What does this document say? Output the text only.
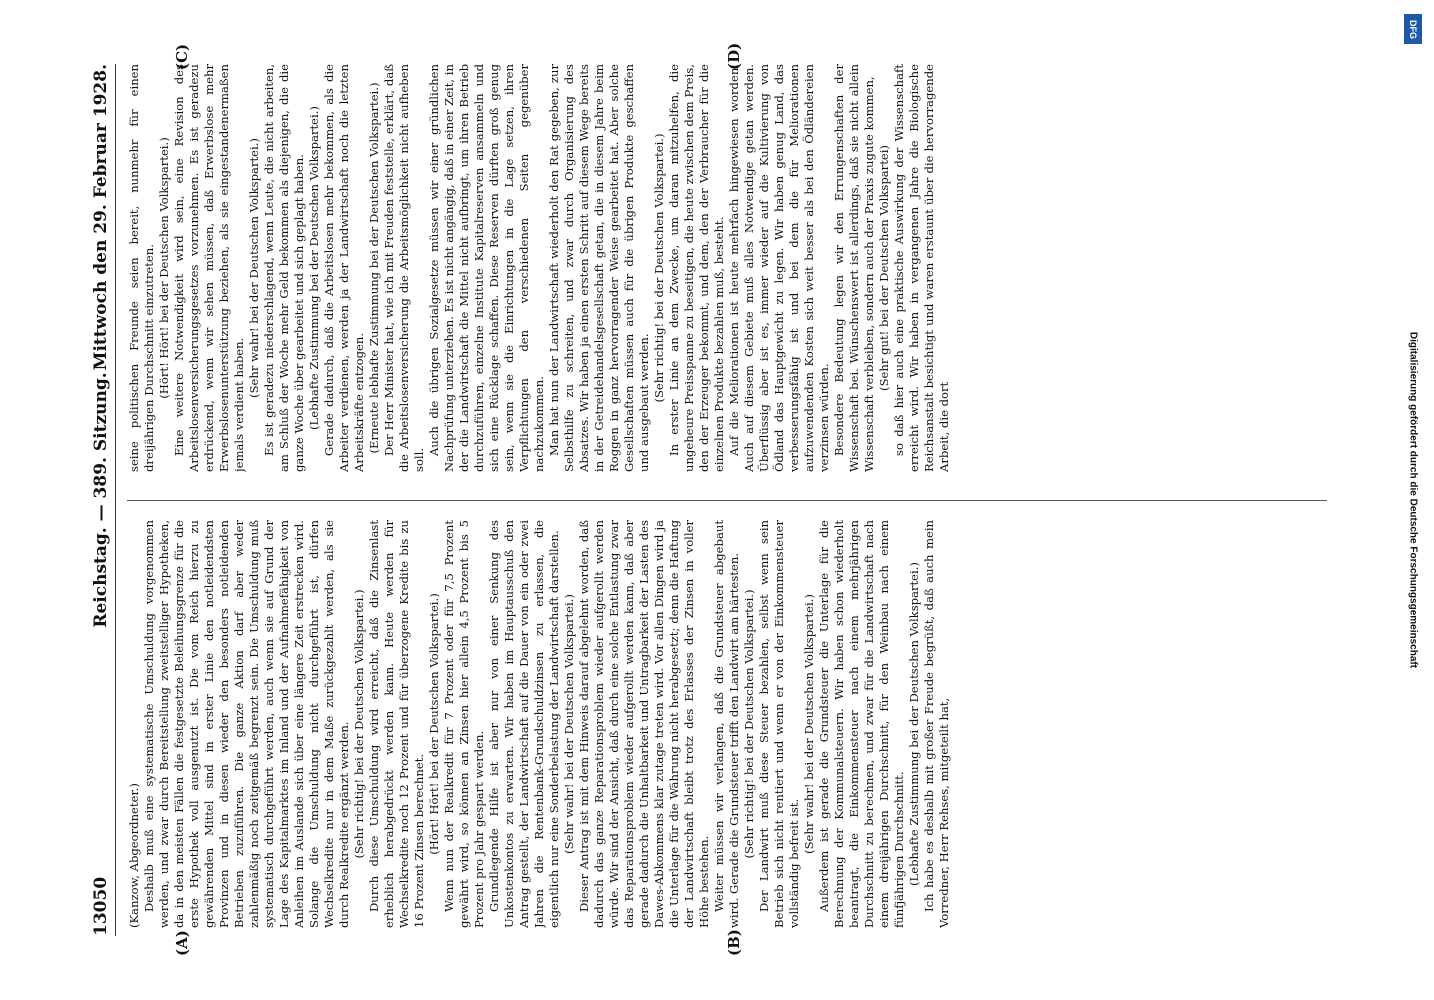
13050
Reichstag. — 389. Sitzung.
Mittwoch den 29. Februar 1928.
(A)	(B)
(C)	(D)

(Kanzow, Abgeordneter.) Deshalb muß eine systematische Umschuldung vorgenommen werden, und zwar durch Bereitstellung zweitstelliger Hypotheken, da in den meisten Fällen die festgesetzte Beleihungsgrenze für die erste Hypothek voll ausgenutzt ist. Die vom Reich hierzu zu gewährenden Mittel sind in erster Linie den notleidendsten Provinzen und in diesen wieder den besonders notleidenden Betrieben zuzuführen. Die ganze Aktion darf aber weder zahlenmäßig noch zeitgemäß begrenzt sein. Die Umschuldung muß systematisch durchgeführt werden, auch wenn sie auf Grund der Lage des Kapitalmarktes im Inland und der Aufnahmefähigkeit von Anleihen im Auslande sich über eine längere Zeit erstrecken wird. Solange die Umschuldung nicht durchgeführt ist, dürfen Wechselkredite nur in dem Maße zurückgezahlt werden, als sie durch Realkredite ergänzt werden. (Sehr richtig! bei der Deutschen Volkspartei.) Durch diese Umschuldung wird erreicht, daß die Zinsenlast erheblich herabgedrückt werden kann. Heute werden für Wechselkredite noch 12 Prozent und für überzogene Kredite bis zu 16 Prozent Zinsen berechnet. (Hört! Hört! bei der Deutschen Volkspartei.) Wenn nun der Realkredit für 7 Prozent oder für 7,5 Prozent gewährt wird, so können an Zinsen hier allein 4,5 Prozent bis 5 Prozent pro Jahr gespart werden. Grundlegende Hilfe ist aber nur von einer Senkung des Unkostenkontos zu erwarten. Wir haben im Hauptausschuß den Antrag gestellt, der Landwirtschaft auf die Dauer von ein oder zwei Jahren die Rentenbank-Grundschuldzinsen zu erlassen, die eigentlich nur eine Sonderbelastung der Landwirtschaft darstellen. (Sehr wahr! bei der Deutschen Volkspartei.) Dieser Antrag ist mit dem Hinweis darauf abgelehnt worden, daß dadurch das ganze Reparationsproblem wieder aufgerollt werden würde. Wir sind der Ansicht, daß durch eine solche Entlastung zwar das Reparationsproblem wieder aufgerollt werden kann, daß aber gerade dadurch die Unhaltbarkeit und Untragbarkeit der Lasten des Dawes-Abkommens klar zutage treten wird. Vor allen Dingen wird ja die Unterlage für die Währung nicht herabgesetzt; denn die Haftung der Landwirtschaft bleibt trotz des Erlasses der Zinsen in voller Höhe bestehen. Weiter müssen wir verlangen, daß die Grundsteuer abgebaut wird. Gerade die Grundsteuer trifft den Landwirt am härtesten. (Sehr richtig! bei der Deutschen Volkspartei.) Der Landwirt muß diese Steuer bezahlen, selbst wenn sein Betrieb sich nicht rentiert und wenn er von der Einkommensteuer vollständig befreit ist.

(Sehr wahr! bei der Deutschen Volkspartei.) Außerdem ist gerade die Grundsteuer die Unterlage für die Berechnung der Kommunalsteuern. Wir haben schon wiederholt beantragt, die Einkommensteuer nach einem mehrjährigen Durchschnitt zu berechnen, und zwar für die Landwirtschaft nach einem dreijährigen Durchschnitt, für den Weinbau nach einem fünfjährigen Durchschnitt. (Lebhafte Zustimmung bei der Deutschen Volkspartei.) Ich habe es deshalb mit großer Freude begrüßt, daß auch mein Vorredner, Herr Rehses, mitgeteilt hat,

seine politischen Freunde seien bereit, nunmehr für einen dreijährigen Durchschnitt einzutreten. (Hört! Hört! bei der Deutschen Volkspartei.) Eine weitere Notwendigkeit wird sein, eine Revision des Arbeitslosenversicherungsgesetzes vorzunehmen. Es ist geradezu erdrückend, wenn wir sehen müssen, daß Erwerbslose mehr Erwerbslosenunterstützung beziehen, als sie eingestandenermaßen jemals verdient haben.

(Sehr wahr! bei der Deutschen Volkspartei.) Es ist geradezu niederschlagend, wenn Leute, die nicht arbeiten, am Schluß der Woche mehr Geld bekommen als diejenigen, die die ganze Woche über gearbeitet und sich geplagt haben. (Lebhafte Zustimmung bei der Deutschen Volkspartei.) Gerade dadurch, daß die Arbeitslosen mehr bekommen, als die Arbeiter verdienen, werden ja der Landwirtschaft noch die letzten Arbeitskräfte entzogen. (Erneute lebhafte Zustimmung bei der Deutschen Volkspartei.) Der Herr Minister hat, wie ich mit Freuden feststelle, erklärt, daß die Arbeitslosenversicherung die Arbeitsmöglichkeit nicht aufheben soll.

Auch die übrigen Sozialgesetze müssen wir einer gründlichen Nachprüfung unterziehen. Es ist nicht angängig, daß in einer Zeit, in der die Landwirtschaft die Mittel nicht aufbringt, um ihren Betrieb durchzuführen, einzelne Institute Kapitalreserven ansammeln und sich eine Rücklage schaffen. Diese Reserven dürften groß genug sein, wenn sie die Einrichtungen in die Lage setzen, ihren Verpflichtungen den verschiedenen Seiten gegenüber nachzukommen. Man hat nun der Landwirtschaft wiederholt den Rat gegeben, zur Selbsthilfe zu schreiten, und zwar durch Organisierung des Absatzes. Wir haben ja einen ersten Schritt auf diesem Wege bereits in der Getreidehandelsgesellschaft getan, die in diesem Jahre beim Roggen in ganz hervorragender Weise gearbeitet hat. Aber solche Gesellschaften müssen auch für die übrigen Produkte geschaffen und ausgebaut werden.

(Sehr richtig! bei der Deutschen Volkspartei.) In erster Linie an dem Zwecke, um daran mitzuhelfen, die ungeheure Preisspanne zu beseitigen, die heute zwischen dem Preis, den der Erzeuger bekommt, und dem, den der Verbraucher für die einzelnen Produkte bezahlen muß, besteht. Auf die Meliorationen ist heute mehrfach hingewiesen worden. Auch auf diesem Gebiete muß alles Notwendige getan werden. Überflüssig aber ist es, immer wieder auf die Kultivierung von Ödland das Hauptgewicht zu legen. Wir haben genug Land, das verbesserungsfähig ist und bei dem die für Meliorationen aufzuwendenden Kosten sich weit besser als bei den Ödländereien verzinsen würden. Besondere Bedeutung legen wir den Errungenschaften der Wissenschaft bei. Wünschenswert ist allerdings, daß sie nicht allein Wissenschaft verbleiben, sondern auch der Praxis zugute kommen, (Sehr gut! bei der Deutschen Volkspartei) so daß hier auch eine praktische Auswirkung der Wissenschaft erreicht wird. Wir haben in vergangenen Jahre die Biologische Reichsanstalt besichtigt und waren erstaunt über die hervorragende Arbeit, die dort	Digitalisierung gefördert durch die Deutsche Forschungsgemeinschaft
DFG
